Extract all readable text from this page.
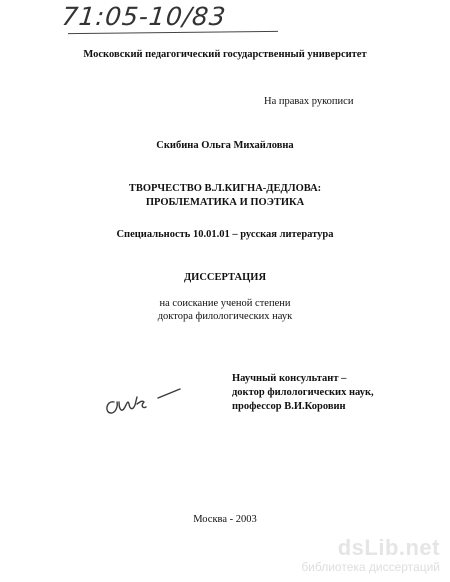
71:05-10/83
Московский педагогический государственный университет
На правах рукописи
Скибина Ольга Михайловна
ТВОРЧЕСТВО В.Л.КИГНА-ДЕДЛОВА:
ПРОБЛЕМАТИКА И ПОЭТИКА
Специальность 10.01.01 – русская литература
ДИССЕРТАЦИЯ
на соискание ученой степени
доктора филологических наук
Научный консультант –
доктор филологических наук,
профессор В.И.Коровин
Москва - 2003
dsLib.net
библиотека диссертаций
